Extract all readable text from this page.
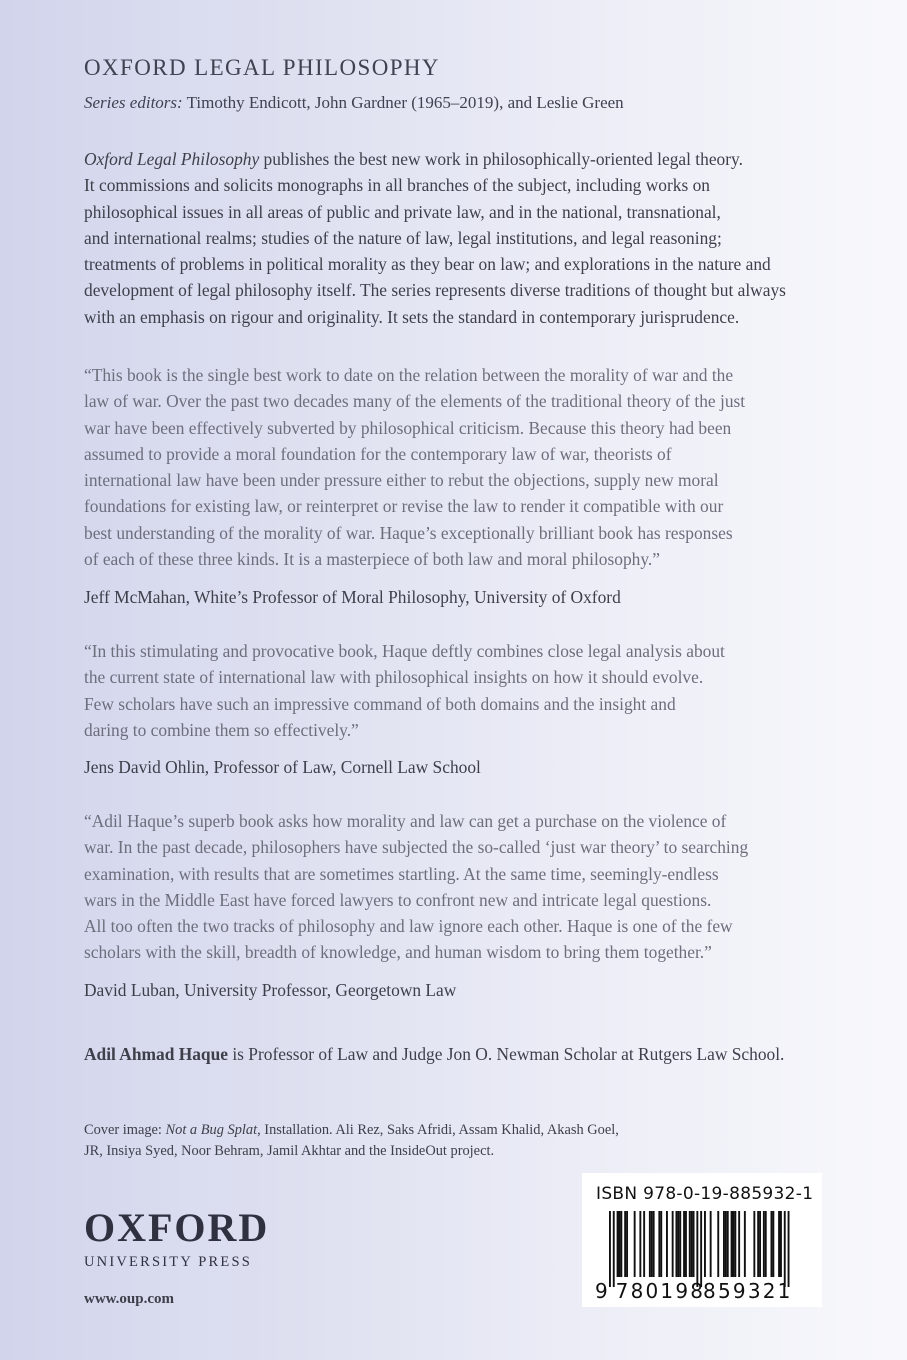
OXFORD LEGAL PHILOSOPHY
Series editors: Timothy Endicott, John Gardner (1965–2019), and Leslie Green
Oxford Legal Philosophy publishes the best new work in philosophically-oriented legal theory.
It commissions and solicits monographs in all branches of the subject, including works on
philosophical issues in all areas of public and private law, and in the national, transnational,
and international realms; studies of the nature of law, legal institutions, and legal reasoning;
treatments of problems in political morality as they bear on law; and explorations in the nature and
development of legal philosophy itself. The series represents diverse traditions of thought but always
with an emphasis on rigour and originality. It sets the standard in contemporary jurisprudence.
“This book is the single best work to date on the relation between the morality of war and the
law of war. Over the past two decades many of the elements of the traditional theory of the just
war have been effectively subverted by philosophical criticism. Because this theory had been
assumed to provide a moral foundation for the contemporary law of war, theorists of
international law have been under pressure either to rebut the objections, supply new moral
foundations for existing law, or reinterpret or revise the law to render it compatible with our
best understanding of the morality of war. Haque’s exceptionally brilliant book has responses
of each of these three kinds. It is a masterpiece of both law and moral philosophy.”
Jeff McMahan, White’s Professor of Moral Philosophy, University of Oxford
“In this stimulating and provocative book, Haque deftly combines close legal analysis about
the current state of international law with philosophical insights on how it should evolve.
Few scholars have such an impressive command of both domains and the insight and
daring to combine them so effectively.”
Jens David Ohlin, Professor of Law, Cornell Law School
“Adil Haque’s superb book asks how morality and law can get a purchase on the violence of
war. In the past decade, philosophers have subjected the so-called ‘just war theory’ to searching
examination, with results that are sometimes startling. At the same time, seemingly-endless
wars in the Middle East have forced lawyers to confront new and intricate legal questions.
All too often the two tracks of philosophy and law ignore each other. Haque is one of the few
scholars with the skill, breadth of knowledge, and human wisdom to bring them together.”
David Luban, University Professor, Georgetown Law
Adil Ahmad Haque is Professor of Law and Judge Jon O. Newman Scholar at Rutgers Law School.
Cover image: Not a Bug Splat, Installation. Ali Rez, Saks Afridi, Assam Khalid, Akash Goel,
JR, Insiya Syed, Noor Behram, Jamil Akhtar and the InsideOut project.
OXFORD
UNIVERSITY PRESS
www.oup.com
ISBN 978-0-19-885932-1
9 780198
859321
